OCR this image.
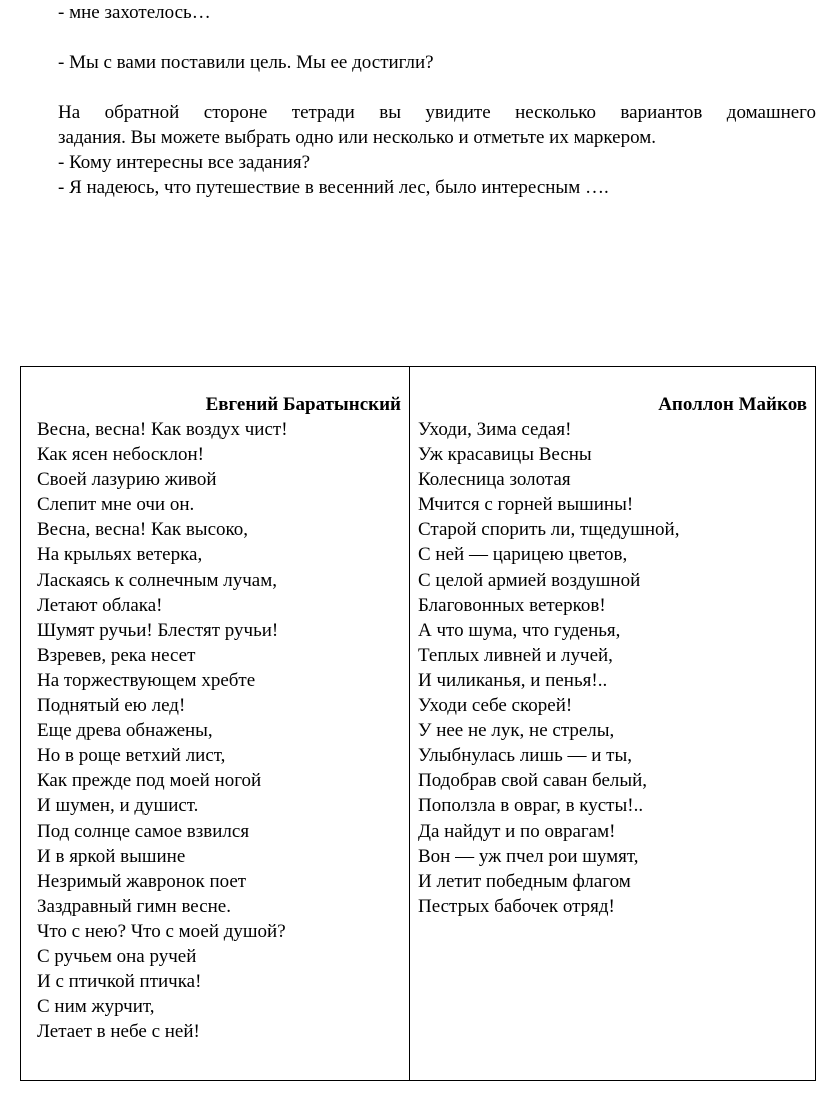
- мне захотелось…
- Мы с вами поставили цель. Мы ее достигли?
На обратной стороне тетради вы увидите несколько вариантов домашнего
задания. Вы можете выбрать одно или несколько и отметьте их маркером.
- Кому интересны все задания?
- Я надеюсь, что путешествие в весенний лес, было интересным ….
Евгений Баратынский
Весна, весна! Как воздух чист!
Как ясен небосклон!
Своей лазурию живой
Слепит мне очи он.
Весна, весна! Как высоко,
На крыльях ветерка,
Ласкаясь к солнечным лучам,
Летают облака!
Шумят ручьи! Блестят ручьи!
Взревев, река несет
На торжествующем хребте
Поднятый ею лед!
Еще древа обнажены,
Но в роще ветхий лист,
Как прежде под моей ногой
И шумен, и душист.
Под солнце самое взвился
И в яркой вышине
Незримый жавронок поет
Заздравный гимн весне.
Что с нею? Что с моей душой?
С ручьем она ручей
И с птичкой птичка!
С ним журчит,
Летает в небе с ней!

Аполлон Майков
Уходи, Зима седая!
Уж красавицы Весны
Колесница золотая
Мчится с горней вышины!
Старой спорить ли, тщедушной,
С ней — царицею цветов,
С целой армией воздушной
Благовонных ветерков!
А что шума, что гуденья,
Теплых ливней и лучей,
И чиликанья, и пенья!..
Уходи себе скорей!
У нее не лук, не стрелы,
Улыбнулась лишь — и ты,
Подобрав свой саван белый,
Поползла в овраг, в кусты!..
Да найдут и по оврагам!
Вон — уж пчел рои шумят,
И летит победным флагом
Пестрых бабочек отряд!
